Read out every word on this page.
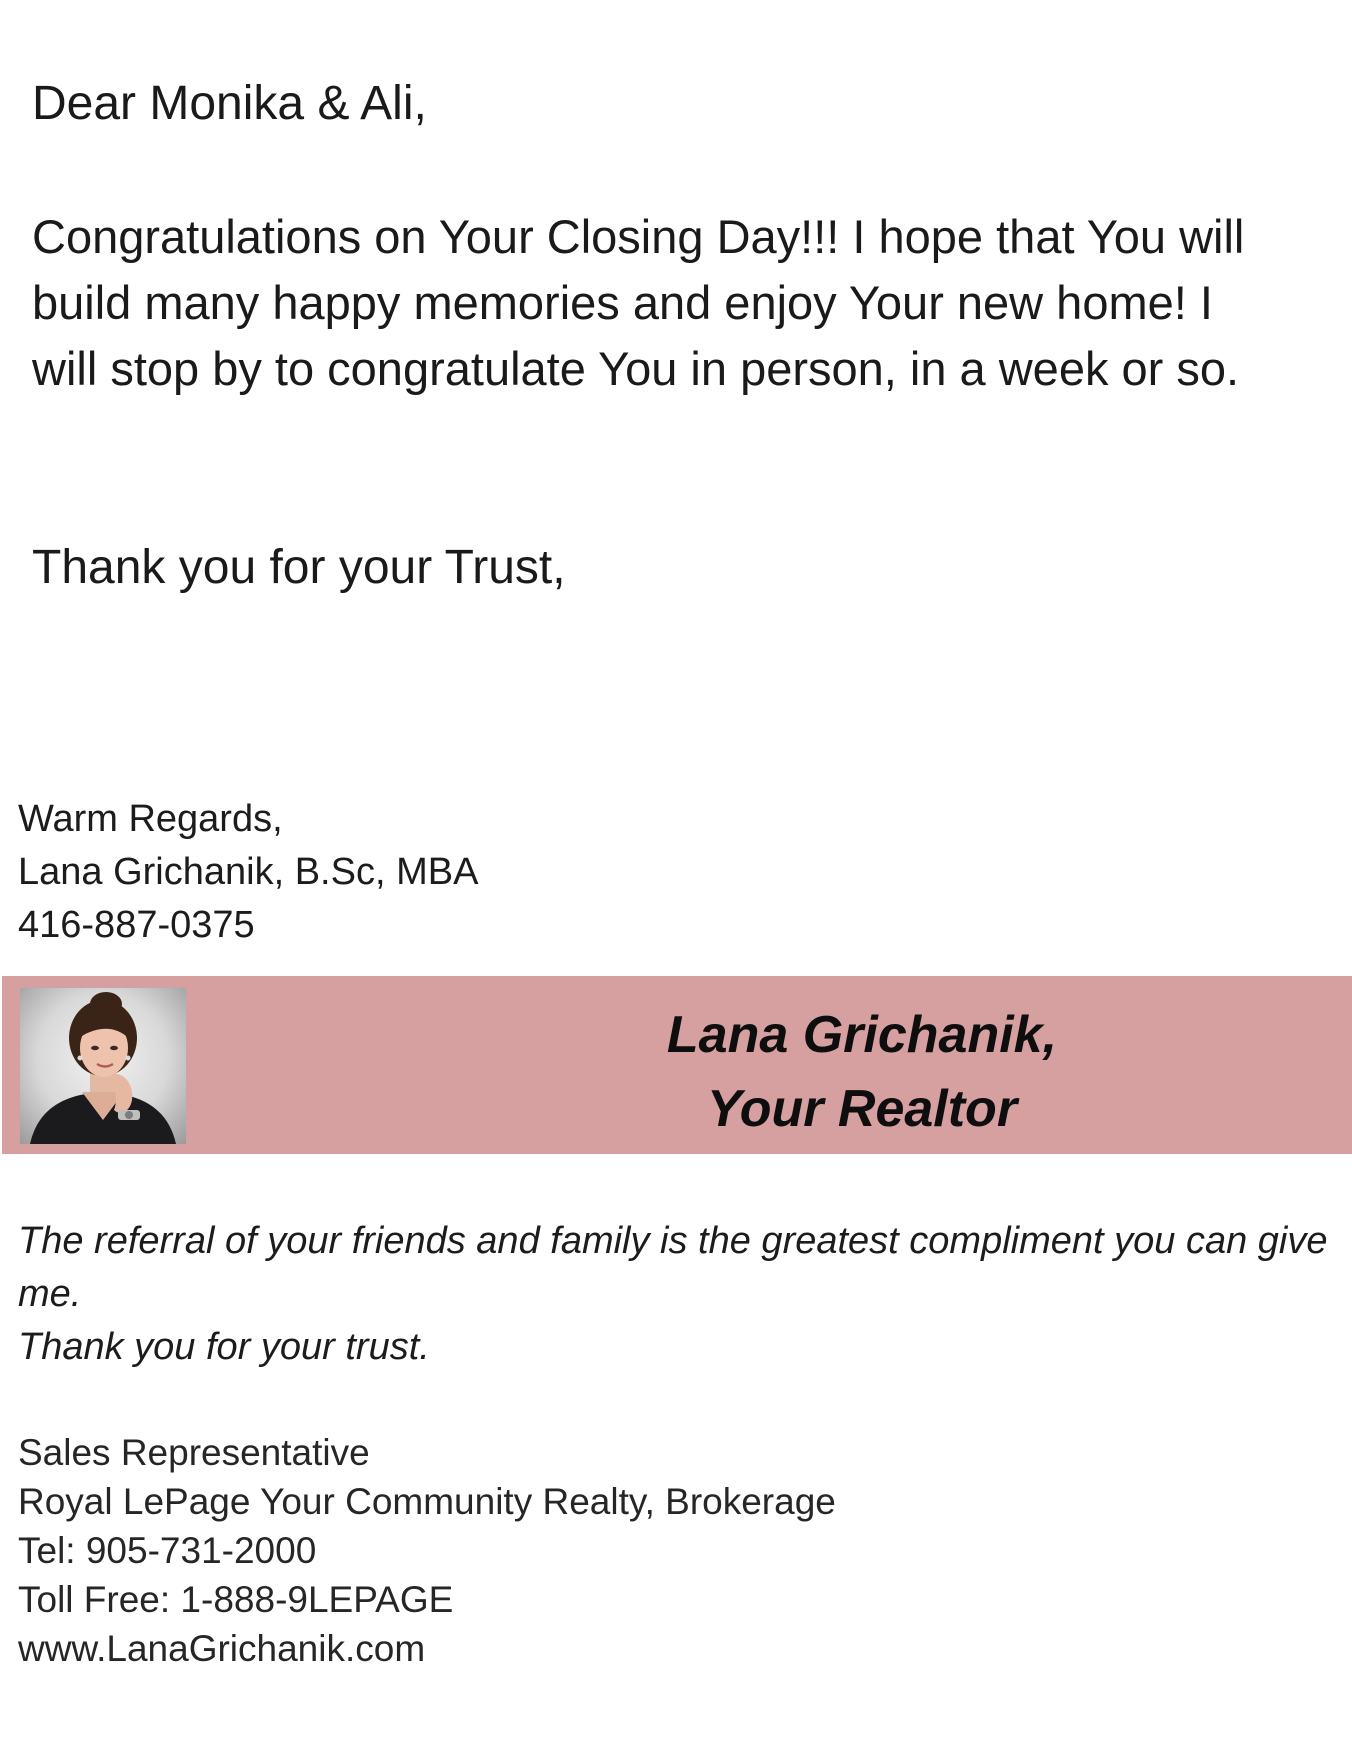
Dear Monika & Ali,
Congratulations on Your Closing Day!!! I hope that You will
build many happy memories and enjoy Your new home! I
will stop by to congratulate You in person, in a week or so.
Thank you for your Trust,
Warm Regards,
Lana Grichanik, B.Sc, MBA
416-887-0375
Lana Grichanik,
Your Realtor
The referral of your friends and family is the greatest compliment you can give
me.
Thank you for your trust.
Sales Representative
Royal LePage Your Community Realty, Brokerage
Tel: 905-731-2000
Toll Free: 1-888-9LEPAGE
www.LanaGrichanik.com
